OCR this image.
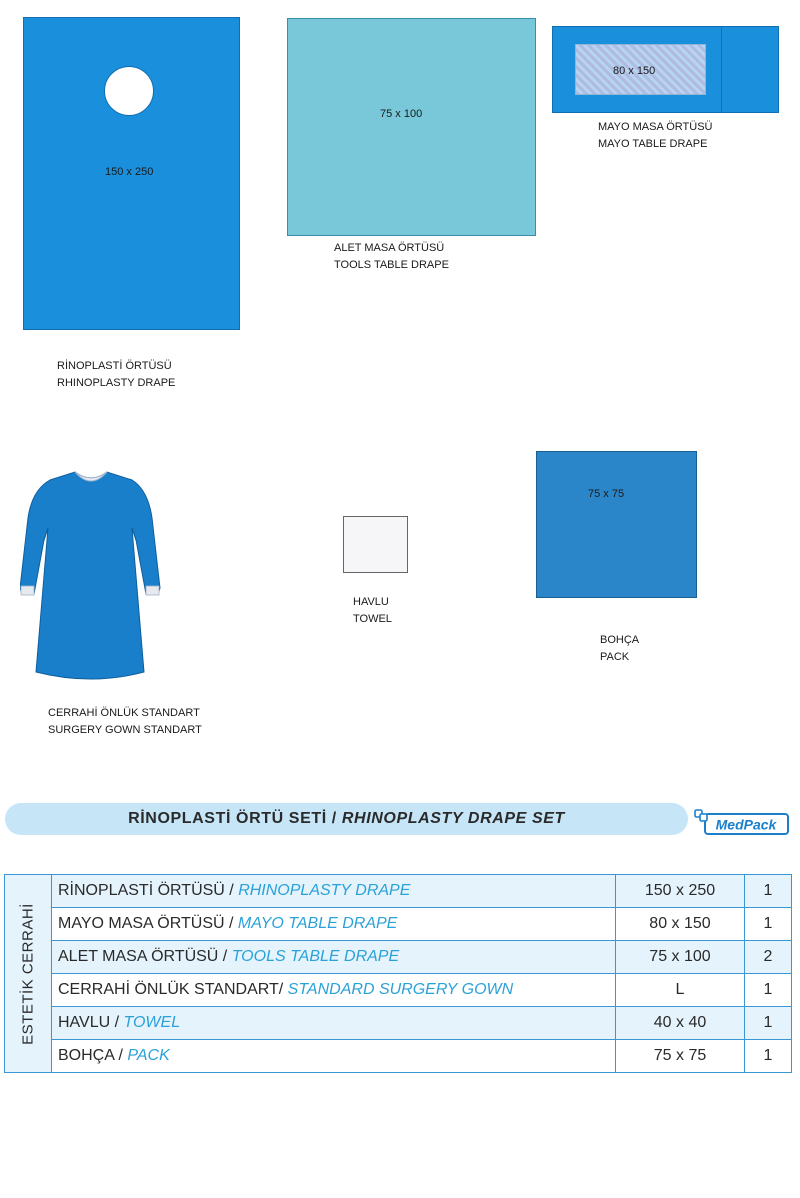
150 x 250
RİNOPLASTİ ÖRTÜSÜ
RHINOPLASTY DRAPE
75 x 100
ALET MASA ÖRTÜSÜ
TOOLS TABLE DRAPE
80 x 150
MAYO MASA ÖRTÜSÜ
MAYO TABLE DRAPE
CERRAHİ ÖNLÜK STANDART
SURGERY GOWN STANDART
HAVLU
TOWEL
75 x 75
BOHÇA
PACK
RİNOPLASTİ ÖRTÜ SETİ / RHINOPLASTY DRAPE SET	MedPack
ESTETİK CERRAHİ	RİNOPLASTİ ÖRTÜSÜ / RHINOPLASTY DRAPE	150 x 250	1
	MAYO MASA ÖRTÜSÜ / MAYO TABLE DRAPE	80 x 150	1
	ALET MASA ÖRTÜSÜ / TOOLS TABLE DRAPE	75 x 100	2
	CERRAHİ ÖNLÜK STANDART/ STANDARD SURGERY GOWN	L	1
	HAVLU / TOWEL	40 x 40	1
	BOHÇA / PACK	75 x 75	1
